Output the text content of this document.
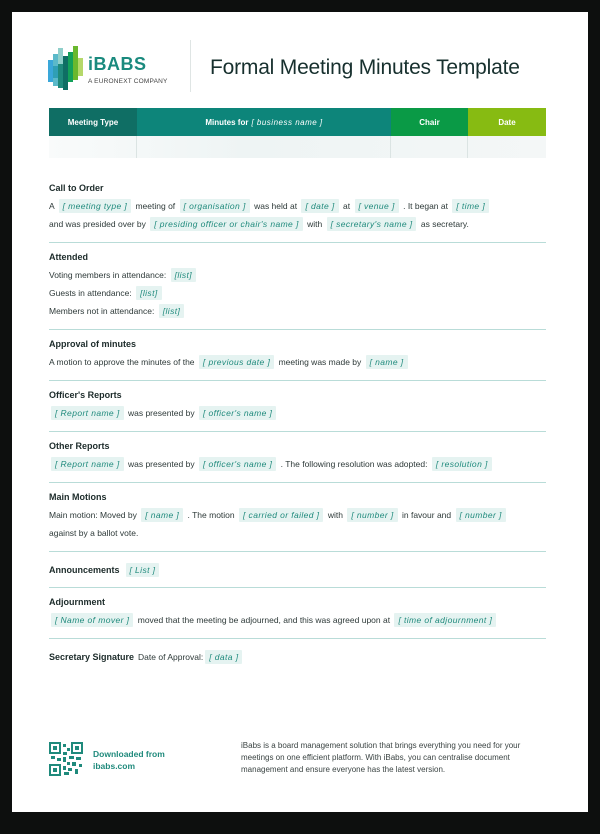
iBABS
A EURONEXT COMPANY
Formal Meeting Minutes Template
Meeting Type	Minutes for [ business name ]	Chair	Date
Call to Order
A [ meeting type ] meeting of [ organisation ] was held at [ date ] at [ venue ] . It began at [ time ]
and was presided over by [ presiding officer or chair's name ] with [ secretary's name ] as secretary.
Attended
Voting members in attendance: [list]
Guests in attendance: [list]
Members not in attendance: [list]
Approval of minutes
A motion to approve the minutes of the [ previous date ] meeting was made by [ name ]
Officer's Reports
[ Report name ] was presented by [ officer's name ]
Other Reports
[ Report name ] was presented by [ officer's name ] . The following resolution was adopted: [ resolution ]
Main Motions
Main motion: Moved by [ name ] . The motion [ carried or failed ] with [ number ] in favour and [ number ]
against by a ballot vote.
Announcements	[ List ]
Adjournment
[ Name of mover ] moved that the meeting be adjourned, and this was agreed upon at [ time of adjournment ]
Secretary Signature Date of Approval: [ data ]
Downloaded from
ibabs.com
iBabs is a board management solution that brings everything you need for your meetings on one efficient platform. With iBabs, you can centralise document management and ensure everyone has the latest version.
